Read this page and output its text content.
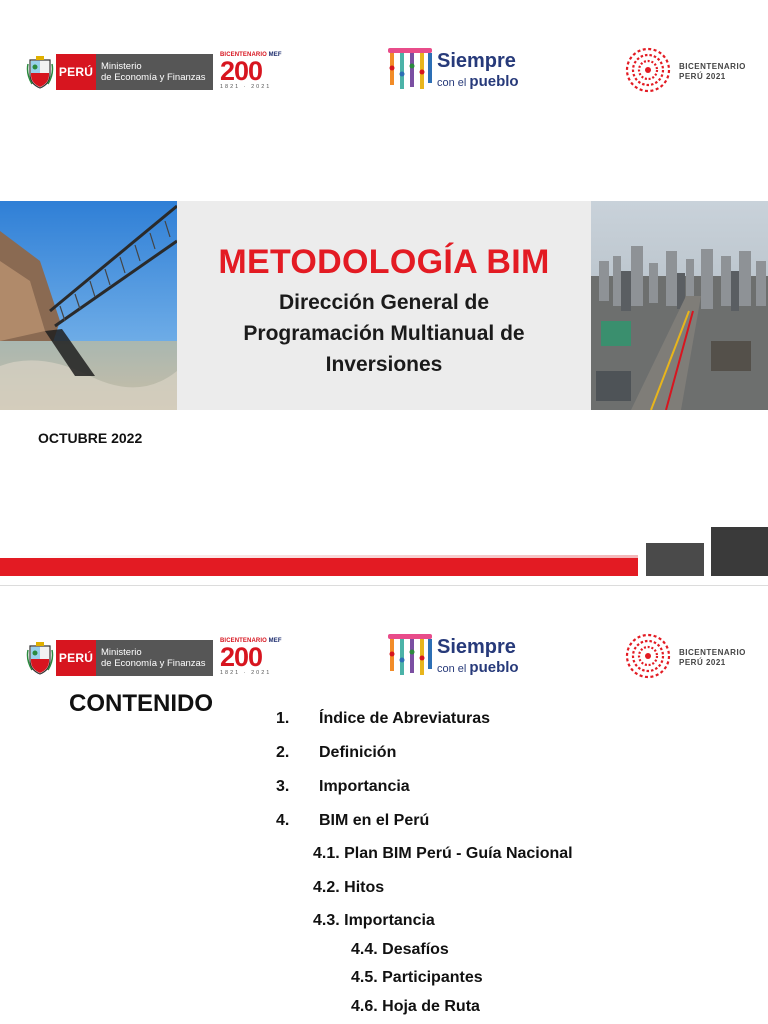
PERÚ Ministerio
de Economía y Finanzas
BICENTENARIO MEF
200
1821 · 2021
Siempre
con el pueblo
BICENTENARIO
PERÚ 2021
METODOLOGÍA BIM
Dirección General de
Programación Multianual de
Inversiones
OCTUBRE 2022
PERÚ Ministerio
de Economía y Finanzas
BICENTENARIO MEF
200
1821 · 2021
Siempre
con el pueblo
BICENTENARIO
PERÚ 2021
CONTENIDO
1. Índice de Abreviaturas
2. Definición
3. Importancia
4. BIM en el Perú
4.1. Plan BIM Perú - Guía Nacional
4.2. Hitos
4.3. Importancia
4.4. Desafíos
4.5. Participantes
4.6. Hoja de Ruta
